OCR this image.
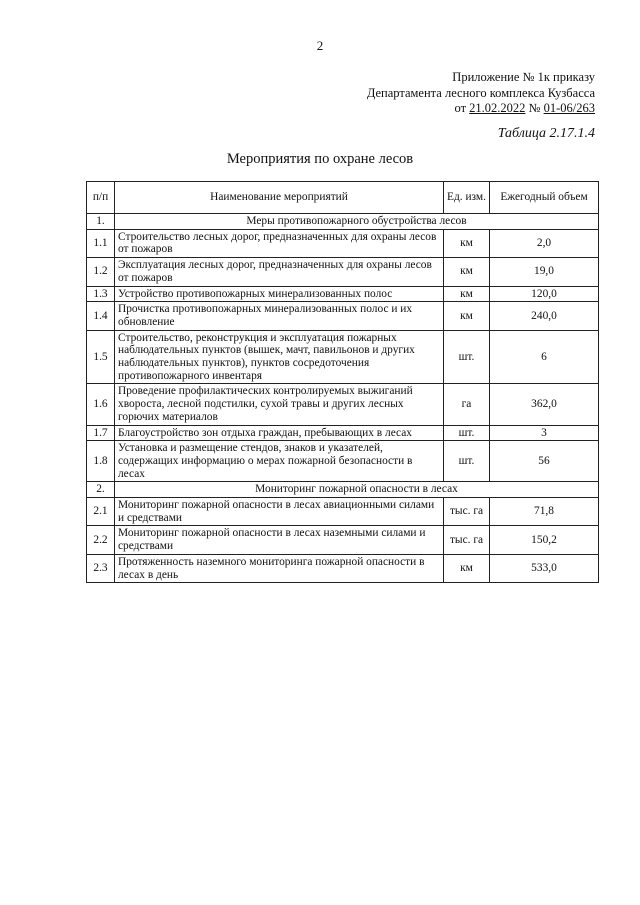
2
Приложение № 1к приказу
Департамента лесного комплекса Кузбасса
от 21.02.2022 № 01-06/263
Таблица 2.17.1.4
Мероприятия по охране лесов
п/п	Наименование мероприятий	Ед. изм.	Ежегодный объем
1.	Меры противопожарного обустройства лесов		
1.1	Строительство лесных дорог, предназначенных для охраны лесов от пожаров	км	2,0
1.2	Эксплуатация лесных дорог, предназначенных для охраны лесов от пожаров	км	19,0
1.3	Устройство противопожарных минерализованных полос	км	120,0
1.4	Прочистка противопожарных минерализованных полос и их обновление	км	240,0
1.5	Строительство, реконструкция и эксплуатация пожарных наблюдательных пунктов (вышек, мачт, павильонов и других наблюдательных пунктов), пунктов сосредоточения противопожарного инвентаря	шт.	6
1.6	Проведение профилактических контролируемых выжиганий хвороста, лесной подстилки, сухой травы и других лесных горючих материалов	га	362,0
1.7	Благоустройство зон отдыха граждан, пребывающих в лесах	шт.	3
1.8	Установка и размещение стендов, знаков и указателей, содержащих информацию о мерах пожарной безопасности в лесах	шт.	56
2.	Мониторинг пожарной опасности в лесах		
2.1	Мониторинг пожарной опасности в лесах авиационными силами и средствами	тыс. га	71,8
2.2	Мониторинг пожарной опасности в лесах наземными силами и средствами	тыс. га	150,2
2.3	Протяженность наземного мониторинга пожарной опасности в лесах в день	км	533,0
